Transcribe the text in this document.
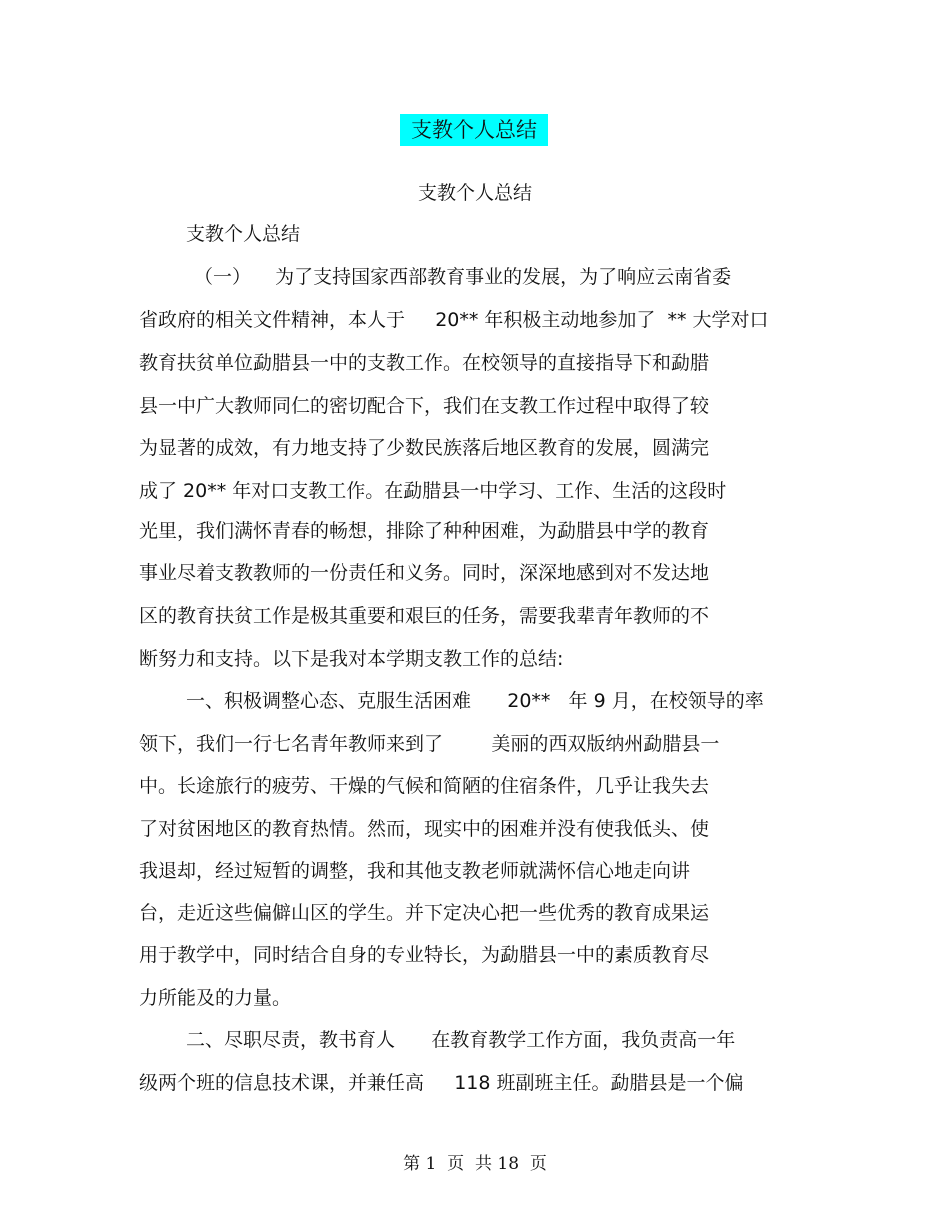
支教个人总结
支教个人总结
支教个人总结
（一）    为了支持国家西部教育事业的发展，为了响应云南省委
省政府的相关文件精神，本人于     20** 年积极主动地参加了  ** 大学对口
教育扶贫单位勐腊县一中的支教工作。在校领导的直接指导下和勐腊
县一中广大教师同仁的密切配合下，我们在支教工作过程中取得了较
为显著的成效，有力地支持了少数民族落后地区教育的发展，圆满完
成了 20** 年对口支教工作。在勐腊县一中学习、工作、生活的这段时
光里，我们满怀青春的畅想，排除了种种困难，为勐腊县中学的教育
事业尽着支教教师的一份责任和义务。同时，深深地感到对不发达地
区的教育扶贫工作是极其重要和艰巨的任务，需要我辈青年教师的不
断努力和支持。以下是我对本学期支教工作的总结:
一、积极调整心态、克服生活困难      20**   年 9 月，在校领导的率
领下，我们一行七名青年教师来到了        美丽的西双版纳州勐腊县一
中。长途旅行的疲劳、干燥的气候和简陋的住宿条件，几乎让我失去
了对贫困地区的教育热情。然而，现实中的困难并没有使我低头、使
我退却，经过短暂的调整，我和其他支教老师就满怀信心地走向讲
台，走近这些偏僻山区的学生。并下定决心把一些优秀的教育成果运
用于教学中，同时结合自身的专业特长，为勐腊县一中的素质教育尽
力所能及的力量。
二、尽职尽责，教书育人      在教育教学工作方面，我负责高一年
级两个班的信息技术课，并兼任高     118 班副班主任。勐腊县是一个偏
第 1  页  共 18  页
